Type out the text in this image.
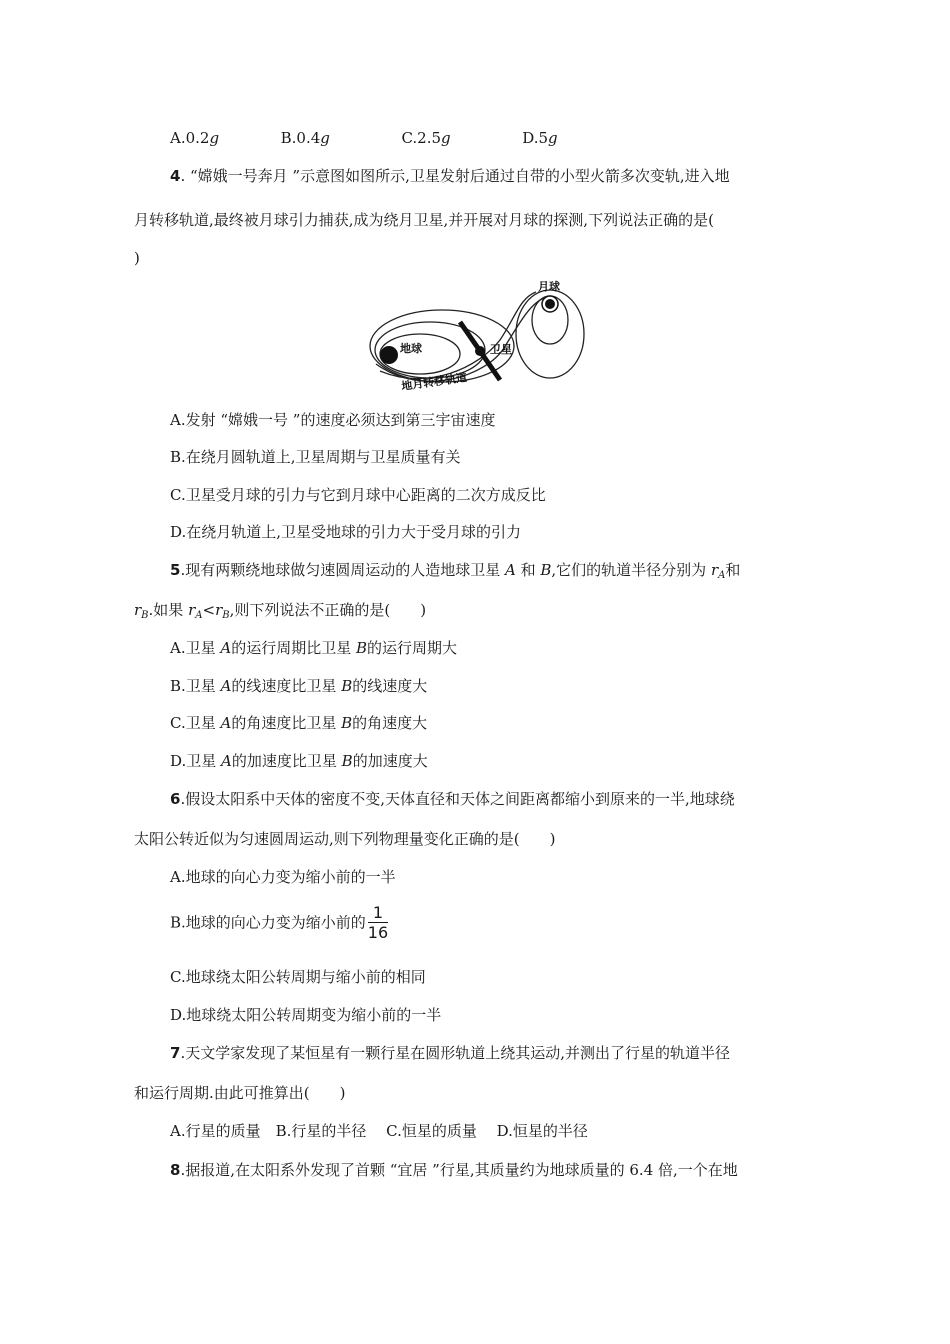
A.0.2g	B.0.4g	C.2.5g	D.5g
4. “嫦娥一号奔月 ”示意图如图所示,卫星发射后通过自带的小型火箭多次变轨,进入地
月转移轨道,最终被月球引力捕获,成为绕月卫星,并开展对月球的探测,下列说法正确的是(
)
地球
月球
卫星
地月转移轨道
A.发射 “嫦娥一号 ”的速度必须达到第三宇宙速度
B.在绕月圆轨道上,卫星周期与卫星质量有关
C.卫星受月球的引力与它到月球中心距离的二次方成反比
D.在绕月轨道上,卫星受地球的引力大于受月球的引力
5.现有两颗绕地球做匀速圆周运动的人造地球卫星 A 和 B,它们的轨道半径分别为 $r_A$和
$r_B$.如果 $r_A<r_B$,则下列说法不正确的是(　　)
A.卫星 A的运行周期比卫星 B的运行周期大
B.卫星 A的线速度比卫星 B的线速度大
C.卫星 A的角速度比卫星 B的角速度大
D.卫星 A的加速度比卫星 B的加速度大
6.假设太阳系中天体的密度不变,天体直径和天体之间距离都缩小到原来的一半,地球绕
太阳公转近似为匀速圆周运动,则下列物理量变化正确的是(　　)
A.地球的向心力变为缩小前的一半
B.地球的向心力变为缩小前的 $\frac{1}{16}$
C.地球绕太阳公转周期与缩小前的相同
D.地球绕太阳公转周期变为缩小前的一半
7.天文学家发现了某恒星有一颗行星在圆形轨道上绕其运动,并测出了行星的轨道半径
和运行周期.由此可推算出(　　)
A.行星的质量　B.行星的半径　 C.恒星的质量　 D.恒星的半径
8.据报道,在太阳系外发现了首颗 “宜居 ”行星,其质量约为地球质量的 6.4 倍,一个在地
